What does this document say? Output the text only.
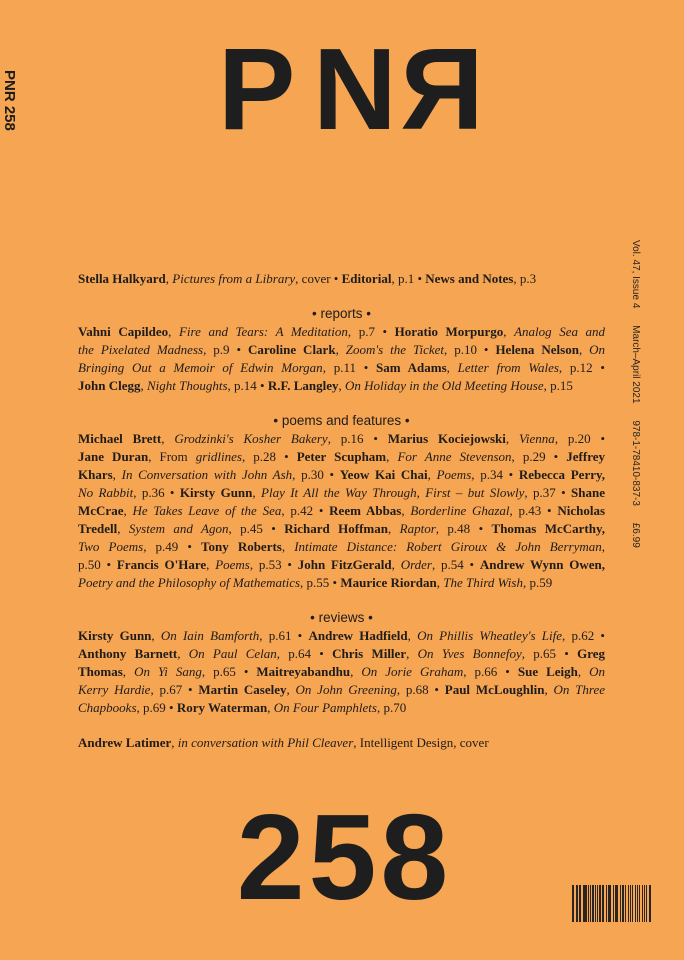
PNR 258 P N R
Vol. 47, Issue 4 March–April 2021 978-1-78410-837-3 £6.99
Stella Halkyard, Pictures from a Library, cover • Editorial, p.1 • News and Notes, p.3
• reports •
Vahni Capildeo, Fire and Tears: A Meditation, p.7 • Horatio Morpurgo, Analog Sea and
the Pixelated Madness, p.9 • Caroline Clark, Zoom's the Ticket, p.10 • Helena Nelson, On
Bringing Out a Memoir of Edwin Morgan, p.11 • Sam Adams, Letter from Wales, p.12 •
John Clegg, Night Thoughts, p.14 • R.F. Langley, On Holiday in the Old Meeting House, p.15
• poems and features •
Michael Brett, Grodzinki's Kosher Bakery, p.16 • Marius Kociejowski, Vienna, p.20 •
Jane Duran, From gridlines, p.28 • Peter Scupham, For Anne Stevenson, p.29 • Jeffrey
Khars, In Conversation with John Ash, p.30 • Yeow Kai Chai, Poems, p.34 • Rebecca Perry,
No Rabbit, p.36 • Kirsty Gunn, Play It All the Way Through, First – but Slowly, p.37 • Shane
McCrae, He Takes Leave of the Sea, p.42 • Reem Abbas, Borderline Ghazal, p.43 • Nicholas
Tredell, System and Agon, p.45 • Richard Hoffman, Raptor, p.48 • Thomas McCarthy,
Two Poems, p.49 • Tony Roberts, Intimate Distance: Robert Giroux & John Berryman,
p.50 • Francis O'Hare, Poems, p.53 • John FitzGerald, Order, p.54 • Andrew Wynn Owen,
Poetry and the Philosophy of Mathematics, p.55 • Maurice Riordan, The Third Wish, p.59
• reviews •
Kirsty Gunn, On Iain Bamforth, p.61 • Andrew Hadfield, On Phillis Wheatley's Life, p.62 •
Anthony Barnett, On Paul Celan, p.64 • Chris Miller, On Yves Bonnefoy, p.65 • Greg
Thomas, On Yi Sang, p.65 • Maitreyabandhu, On Jorie Graham, p.66 • Sue Leigh, On
Kerry Hardie, p.67 • Martin Caseley, On John Greening, p.68 • Paul McLoughlin, On Three
Chapbooks, p.69 • Rory Waterman, On Four Pamphlets, p.70
Andrew Latimer, in conversation with Phil Cleaver, Intelligent Design, cover
258
